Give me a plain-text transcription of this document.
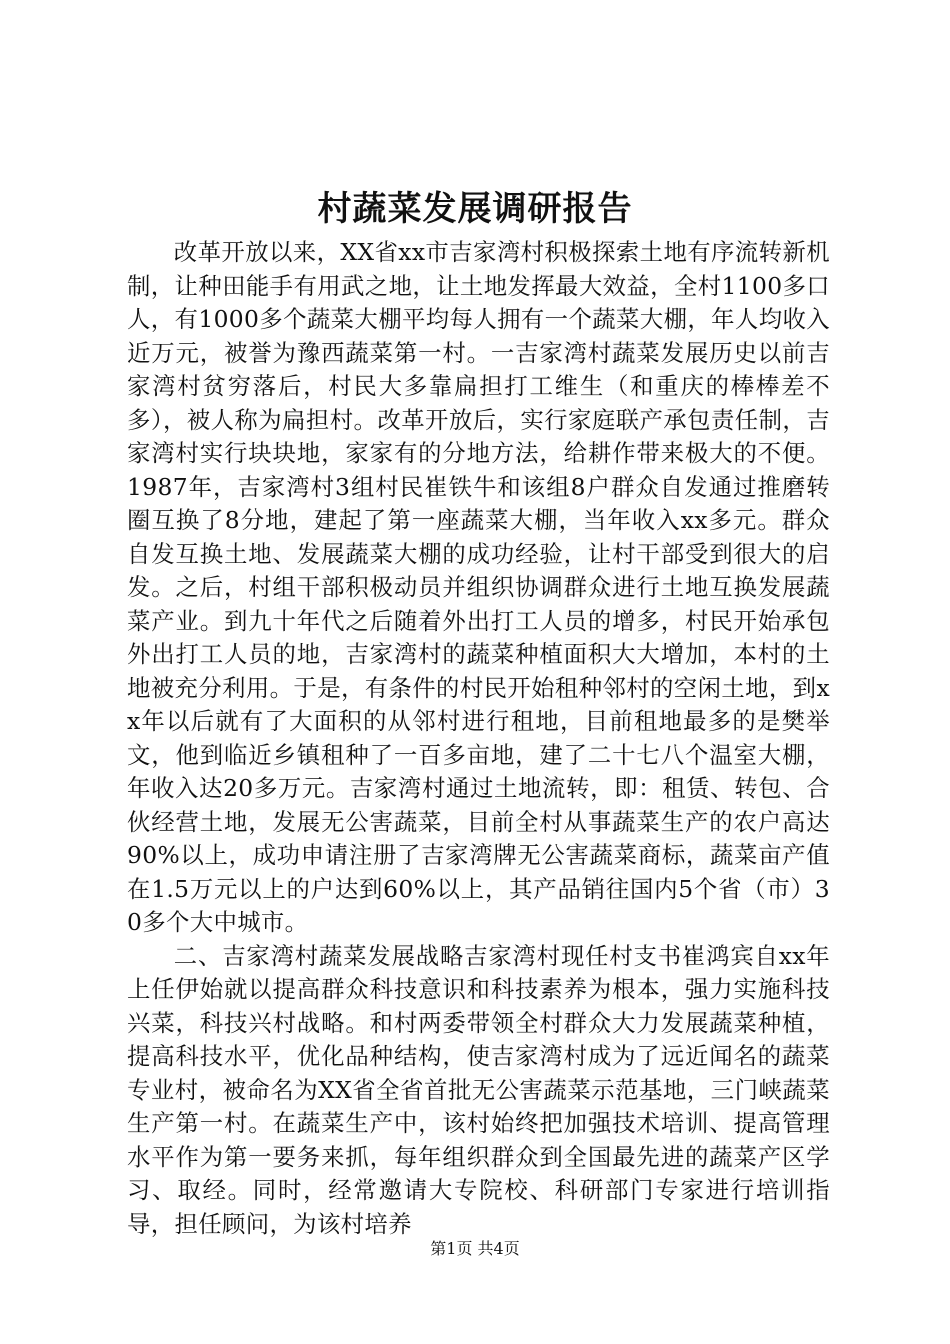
村蔬菜发展调研报告

改革开放以来，XX省xx市吉家湾村积极探索土地有序流转新机制，让种田能手有用武之地，让土地发挥最大效益，全村1100多口人，有1000多个蔬菜大棚平均每人拥有一个蔬菜大棚，年人均收入近万元，被誉为豫西蔬菜第一村。一吉家湾村蔬菜发展历史以前吉家湾村贫穷落后，村民大多靠扁担打工维生（和重庆的棒棒差不多），被人称为扁担村。改革开放后，实行家庭联产承包责任制，吉家湾村实行块块地，家家有的分地方法，给耕作带来极大的不便。1987年，吉家湾村3组村民崔铁牛和该组8户群众自发通过推磨转圈互换了8分地，建起了第一座蔬菜大棚，当年收入xx多元。群众自发互换土地、发展蔬菜大棚的成功经验，让村干部受到很大的启发。之后，村组干部积极动员并组织协调群众进行土地互换发展蔬菜产业。到九十年代之后随着外出打工人员的增多，村民开始承包外出打工人员的地，吉家湾村的蔬菜种植面积大大增加，本村的土地被充分利用。于是，有条件的村民开始租种邻村的空闲土地，到xx年以后就有了大面积的从邻村进行租地，目前租地最多的是樊举文，他到临近乡镇租种了一百多亩地，建了二十七八个温室大棚，年收入达20多万元。吉家湾村通过土地流转，即：租赁、转包、合伙经营土地，发展无公害蔬菜，目前全村从事蔬菜生产的农户高达90%以上，成功申请注册了吉家湾牌无公害蔬菜商标，蔬菜亩产值在1.5万元以上的户达到60%以上，其产品销往国内5个省（市）30多个大中城市。

二、吉家湾村蔬菜发展战略吉家湾村现任村支书崔鸿宾自xx年上任伊始就以提高群众科技意识和科技素养为根本，强力实施科技兴菜，科技兴村战略。和村两委带领全村群众大力发展蔬菜种植，提高科技水平，优化品种结构，使吉家湾村成为了远近闻名的蔬菜专业村，被命名为XX省全省首批无公害蔬菜示范基地，三门峡蔬菜生产第一村。在蔬菜生产中，该村始终把加强技术培训、提高管理水平作为第一要务来抓，每年组织群众到全国最先进的蔬菜产区学习、取经。同时，经常邀请大专院校、科研部门专家进行培训指导，担任顾问，为该村培养

第1页 共4页
